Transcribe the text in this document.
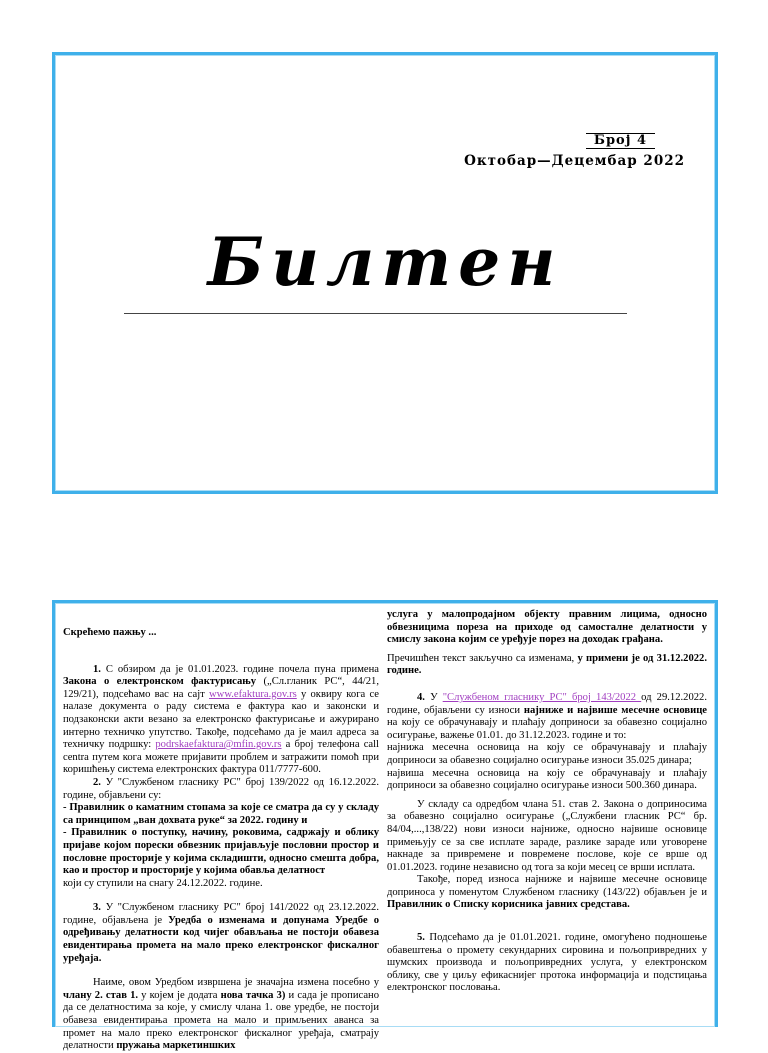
Број 4
Октобар—Децембар 2022
Билтен

Скрећемо пажњу ...

1. С обзиром да је 01.01.2023. године почела пуна примена Закона о електронском фактурисању („Сл.гланик РС“, 44/21, 129/21), подсећамо вас на сајт www.efaktura.gov.rs у оквиру кога се налазе документа о раду система е фактура као и законски и подзаконски акти везано за електронско фактурисање и ажурирано интерно техничко упутство. Такође, подсећамо да је маил адреса за техничку подршку: podrskaefaktura@mfin.gov.rs а број телефона call centra путем кога можете пријавити проблем и затражити помоћ при коришћењу система електронских фактура 011/7777-600.

2. У "Службеном гласнику РС" број 139/2022 од 16.12.2022. године, објављени су:

- Правилник о каматним стопама за које се сматра да су у складу са принципом „ван дохвата руке“ за 2022. годину и

- Правилник о поступку, начину, роковима, садржају и облику пријаве којом порески обвезник пријављује пословни простор и пословне просторије у којима складишти, односно смешта добра, као и простор и просторије у којима обавља делатност

који су ступили на снагу 24.12.2022. године.

3. У "Службеном гласнику РС" број 141/2022 од 23.12.2022. године, објављена је Уредба о изменама и допунама Уредбе о одређивању делатности код чијег обављања не постоји обавеза евидентирања промета на мало преко електронског фискалног уређаја.

Наиме, овом Уредбом извршена је значајна измена посебно у члану 2. став 1. у којем је додата нова тачка 3) и сада је прописано да се делатностима за које, у смислу члана 1. ове уредбе, не постоји обавеза евидентирања промета на мало и примљених аванса за промет на мало преко електронског фискалног уређаја, сматрају делатности пружања маркетиншких

услуга у малопродајном објекту правним лицима, односно обвезницима пореза на приходе од самосталне делатности у смислу закона којим се уређује порез на доходак грађана.

Пречишћен текст закључно са изменама, у примени је од 31.12.2022. године.

4. У "Службеном гласнику РС" број 143/2022 од 29.12.2022. године, објављени су износи најниже и највише месечне основице на коју се обрачунавају и плаћају доприноси за обавезно социјално осигурање, важење 01.01. до 31.12.2023. године и то:

најнижа месечна основица на коју се обрачунавају и плаћају доприноси за обавезно социјално осигурање износи 35.025 динара;

највиша месечна основица на коју се обрачунавају и плаћају доприноси за обавезно социјално осигурање износи 500.360 динара.

У складу са одредбом члана 51. став 2. Закона о доприносима за обавезно социјално осигурање („Службени гласник РС“ бр. 84/04,...,138/22) нови износи најниже, односно највише основице примењују се за све исплате зараде, разлике зараде или уговорене накнаде за привремене и повремене послове, које се врше од 01.01.2023. године независно од тога за који месец се врши исплата.

Такође, поред износа најниже и највише месечне основице доприноса у поменутом Службеном гласнику (143/22) објављен је и Правилник о Списку корисника јавних средстава.

5. Подсећамо да је 01.01.2021. године, омогућено подношење обавештења о промету секундарних сировина и пољопривредних у шумских производа и пољопривредних услуга, у електронском облику, све у циљу ефикаснијег протока информација и подстицања електронског пословања.
